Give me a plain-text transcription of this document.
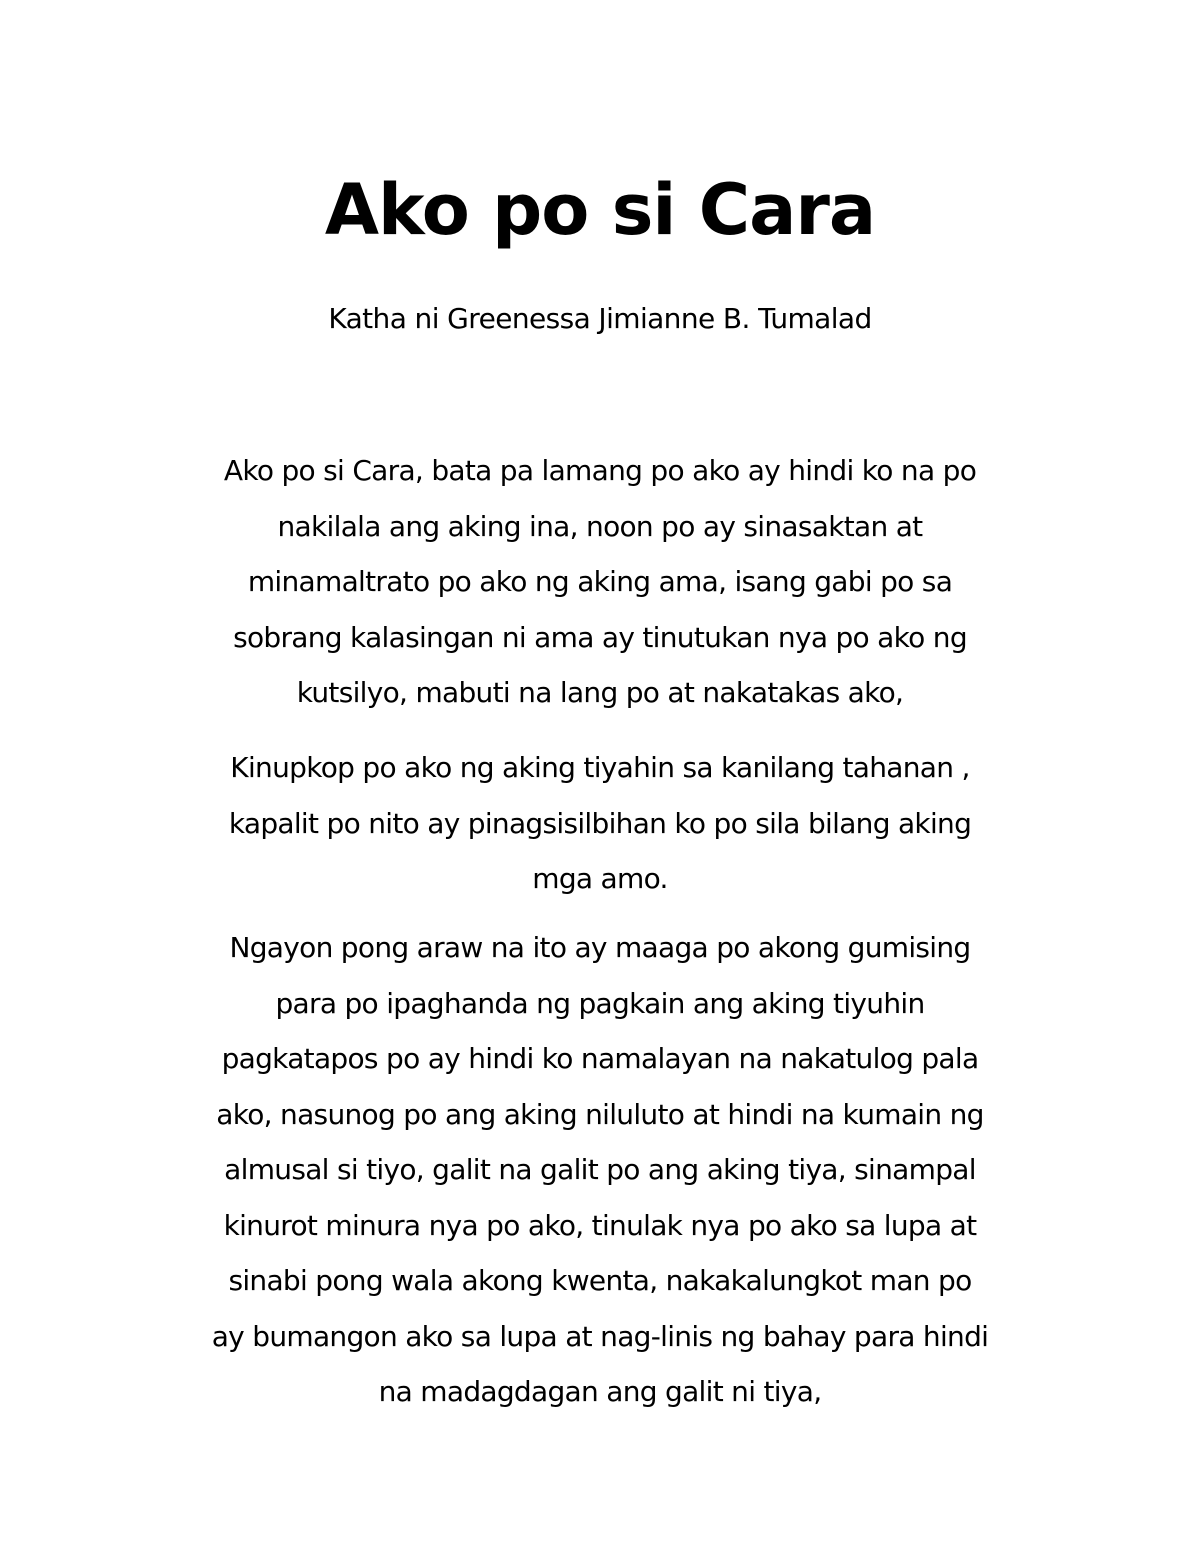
Ako po si Cara

Katha ni Greenessa Jimianne B. Tumalad

Ako po si Cara, bata pa lamang po ako ay hindi ko na po
nakilala ang aking ina, noon po ay sinasaktan at
minamaltrato po ako ng aking ama, isang gabi po sa
sobrang kalasingan ni ama ay tinutukan nya po ako ng
kutsilyo, mabuti na lang po at nakatakas ako,

Kinupkop po ako ng aking tiyahin sa kanilang tahanan ,
kapalit po nito ay pinagsisilbihan ko po sila bilang aking
mga amo.

Ngayon pong araw na ito ay maaga po akong gumising
para po ipaghanda ng pagkain ang aking tiyuhin
pagkatapos po ay hindi ko namalayan na nakatulog pala
ako, nasunog po ang aking niluluto at hindi na kumain ng
almusal si tiyo, galit na galit po ang aking tiya, sinampal
kinurot minura nya po ako, tinulak nya po ako sa lupa at
sinabi pong wala akong kwenta, nakakalungkot man po
ay bumangon ako sa lupa at nag-linis ng bahay para hindi
na madagdagan ang galit ni tiya,
